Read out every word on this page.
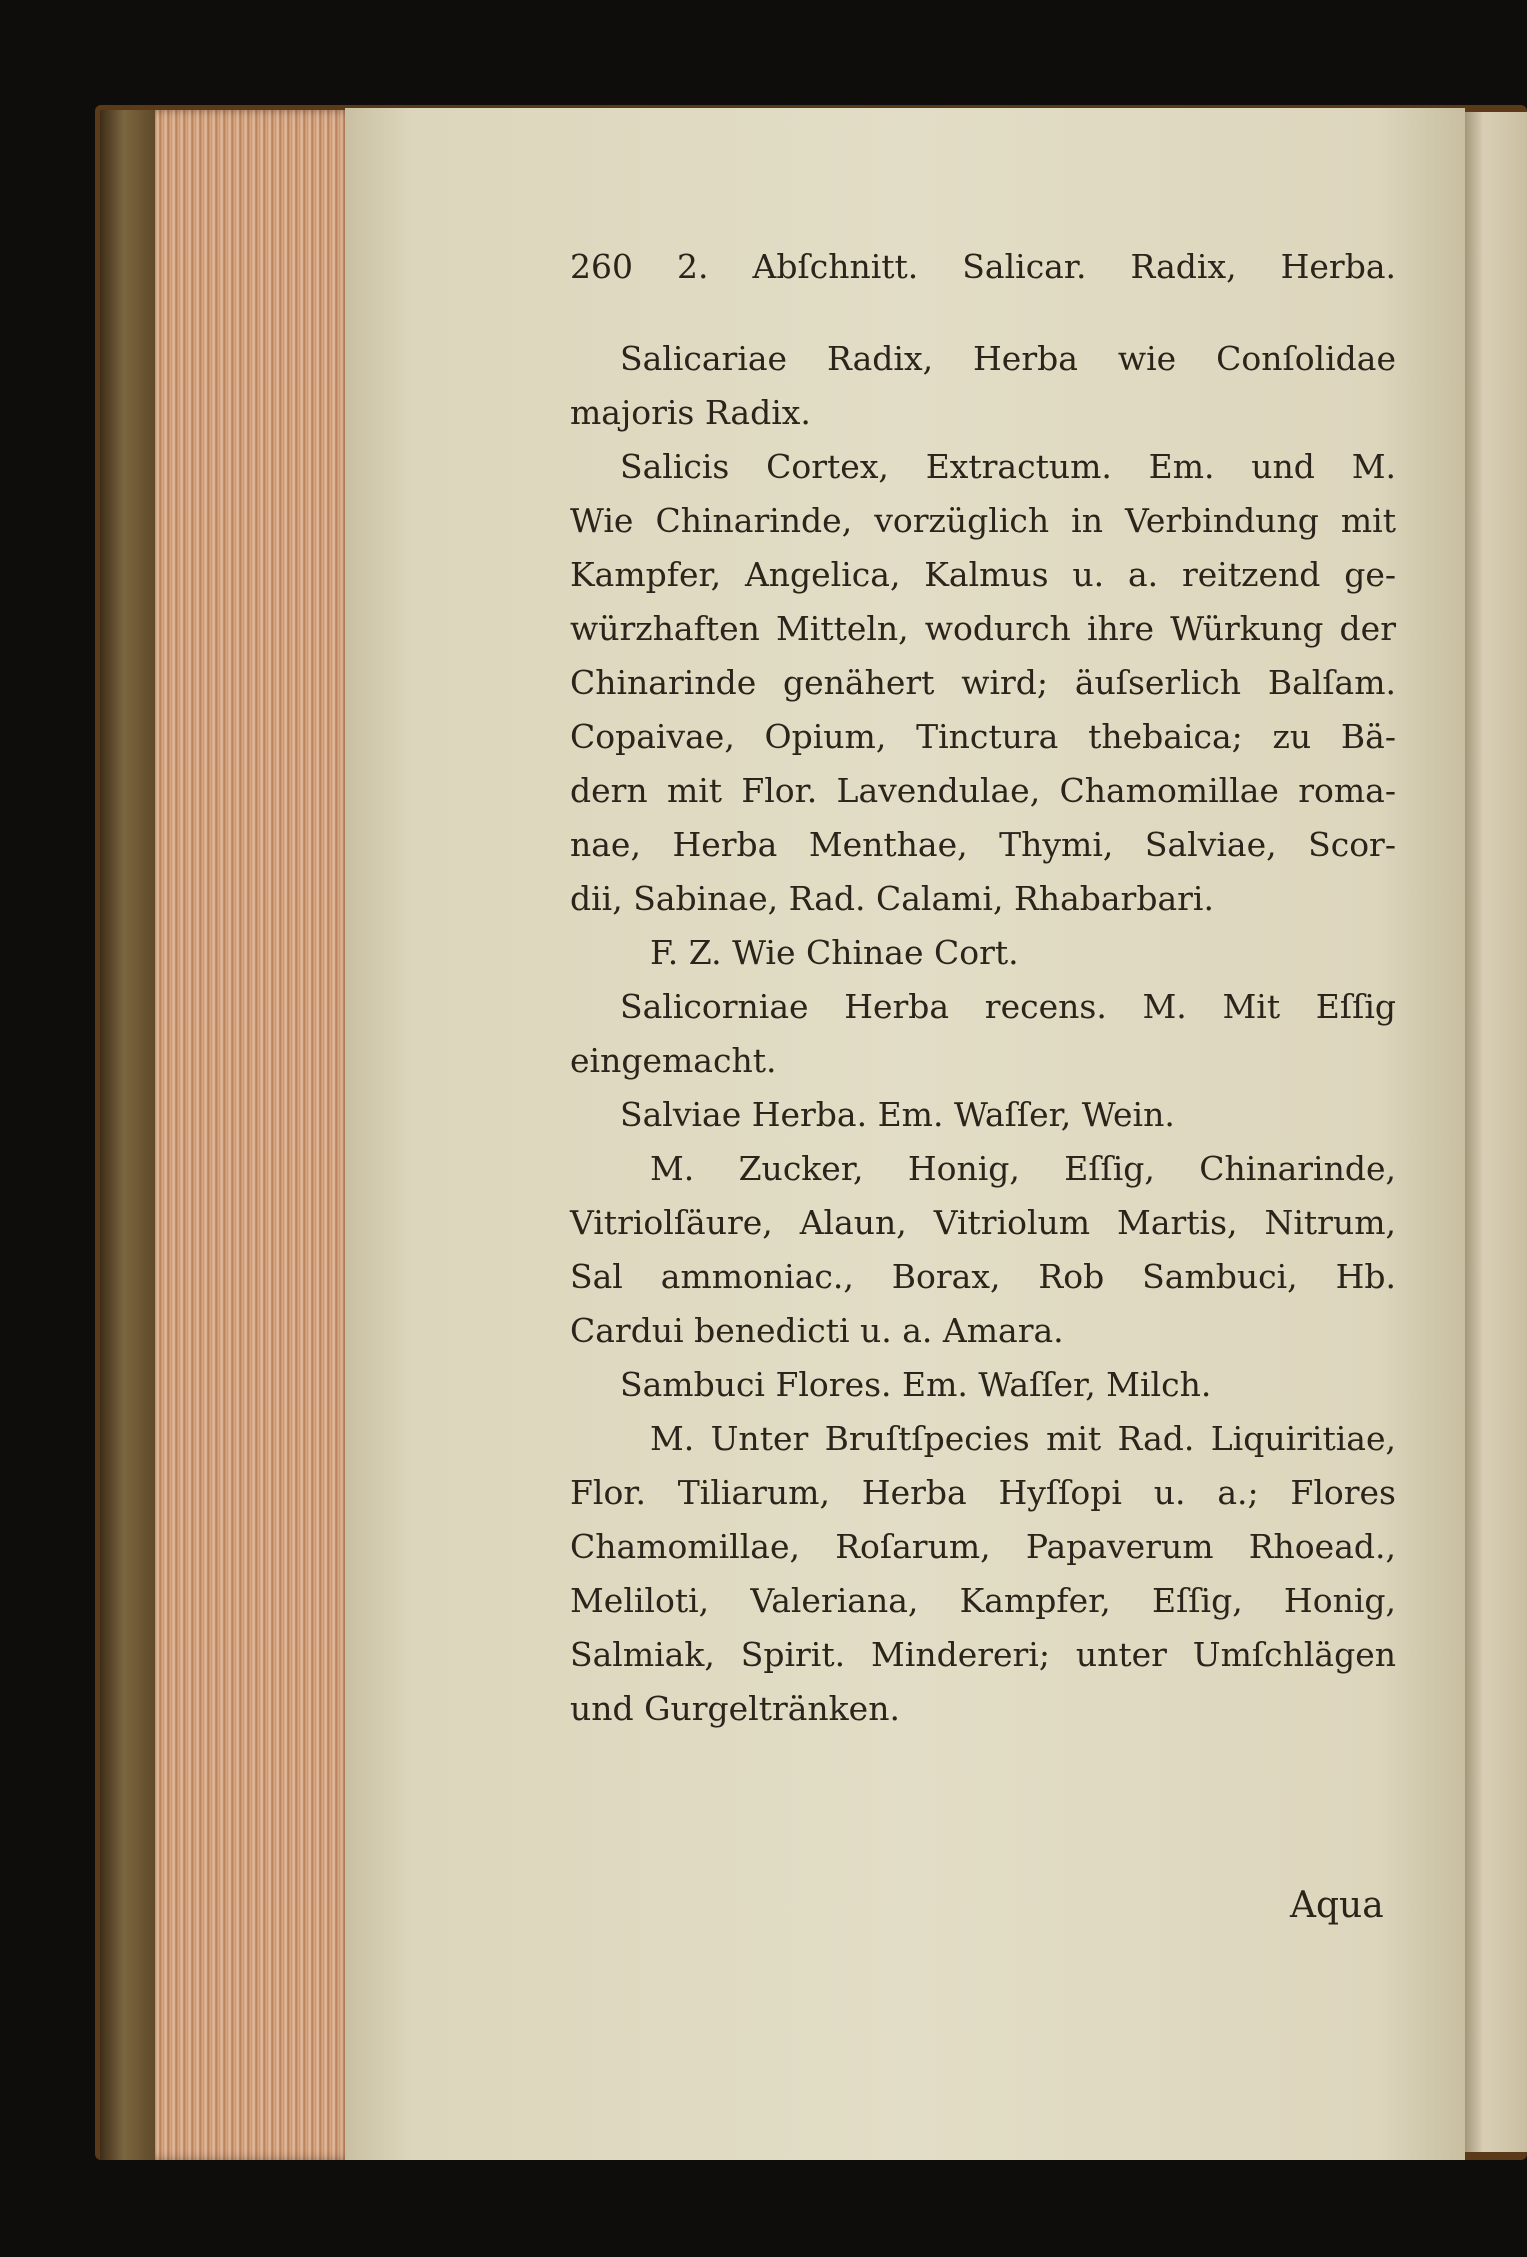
260 2. Abſchnitt. Salicar. Radix, Herba.
Salicariae Radix, Herba wie Conſolidae
majoris Radix.
Salicis Cortex, Extractum. Em. und M.
Wie Chinarinde, vorzüglich in Verbindung mit
Kampfer, Angelica, Kalmus u. a. reitzend ge-
würzhaften Mitteln, wodurch ihre Würkung der
Chinarinde genähert wird; äuſserlich Balſam.
Copaivae, Opium, Tinctura thebaica; zu Bä-
dern mit Flor. Lavendulae, Chamomillae roma-
nae, Herba Menthae, Thymi, Salviae, Scor-
dii, Sabinae, Rad. Calami, Rhabarbari.
F. Z. Wie Chinae Cort.
Salicorniae Herba recens. M. Mit Eſſig
eingemacht.
Salviae Herba. Em. Waſſer, Wein.
M. Zucker, Honig, Eſſig, Chinarinde,
Vitriolſäure, Alaun, Vitriolum Martis, Nitrum,
Sal ammoniac., Borax, Rob Sambuci, Hb.
Cardui benedicti u. a. Amara.
Sambuci Flores. Em. Waſſer, Milch.
M. Unter Bruſtſpecies mit Rad. Liquiritiae,
Flor. Tiliarum, Herba Hyſſopi u. a.; Flores
Chamomillae, Roſarum, Papaverum Rhoead.,
Meliloti, Valeriana, Kampfer, Eſſig, Honig,
Salmiak, Spirit. Mindereri; unter Umſchlägen
und Gurgeltränken.
Aqua
